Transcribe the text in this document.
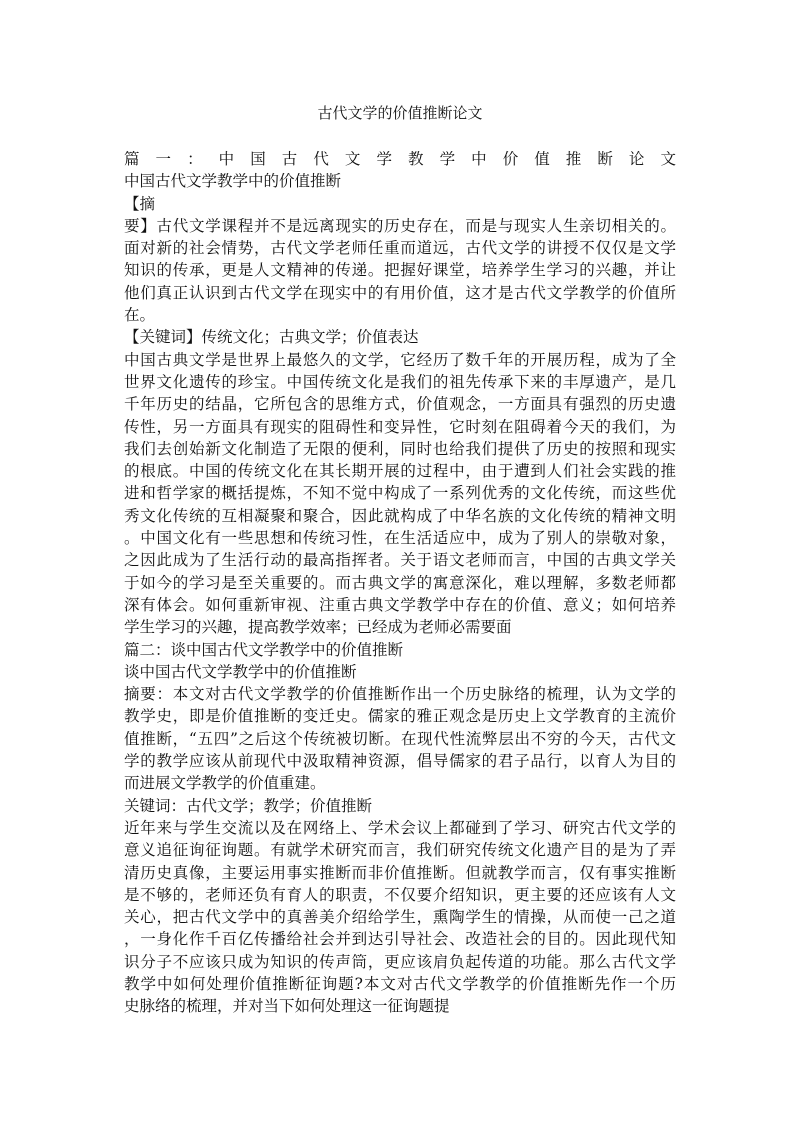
古代文学的价值推断论文
篇一：中国古代文学教学中价值推断论文
中国古代文学教学中的价值推断
【摘
要】古代文学课程并不是远离现实的历史存在，而是与现实人生亲切相关的。
面对新的社会情势，古代文学老师任重而道远，古代文学的讲授不仅仅是文学
知识的传承，更是人文精神的传递。把握好课堂，培养学生学习的兴趣，并让
他们真正认识到古代文学在现实中的有用价值，这才是古代文学教学的价值所
在。
【关键词】传统文化；古典文学；价值表达
中国古典文学是世界上最悠久的文学，它经历了数千年的开展历程，成为了全
世界文化遗传的珍宝。中国传统文化是我们的祖先传承下来的丰厚遗产，是几
千年历史的结晶，它所包含的思维方式，价值观念，一方面具有强烈的历史遗
传性，另一方面具有现实的阻碍性和变异性，它时刻在阻碍着今天的我们，为
我们去创始新文化制造了无限的便利，同时也给我们提供了历史的按照和现实
的根底。中国的传统文化在其长期开展的过程中，由于遭到人们社会实践的推
进和哲学家的概括提炼，不知不觉中构成了一系列优秀的文化传统，而这些优
秀文化传统的互相凝聚和聚合，因此就构成了中华名族的文化传统的精神文明
。中国文化有一些思想和传统习性，在生活适应中，成为了别人的崇敬对象，
之因此成为了生活行动的最高指挥者。关于语文老师而言，中国的古典文学关
于如今的学习是至关重要的。而古典文学的寓意深化，难以理解，多数老师都
深有体会。如何重新审视、注重古典文学教学中存在的价值、意义；如何培养
学生学习的兴趣，提高教学效率；已经成为老师必需要面
篇二：谈中国古代文学教学中的价值推断
谈中国古代文学教学中的价值推断
摘要：本文对古代文学教学的价值推断作出一个历史脉络的梳理，认为文学的
教学史，即是价值推断的变迁史。儒家的雅正观念是历史上文学教育的主流价
值推断，“五四”之后这个传统被切断。在现代性流弊层出不穷的今天，古代文
学的教学应该从前现代中汲取精神资源，倡导儒家的君子品行，以育人为目的
而进展文学教学的价值重建。
关键词：古代文学；教学；价值推断
近年来与学生交流以及在网络上、学术会议上都碰到了学习、研究古代文学的
意义追征询征询题。有就学术研究而言，我们研究传统文化遗产目的是为了弄
清历史真像，主要运用事实推断而非价值推断。但就教学而言，仅有事实推断
是不够的，老师还负有育人的职责，不仅要介绍知识，更主要的还应该有人文
关心，把古代文学中的真善美介绍给学生，熏陶学生的情操，从而使一己之道
，一身化作千百亿传播给社会并到达引导社会、改造社会的目的。因此现代知
识分子不应该只成为知识的传声筒，更应该肩负起传道的功能。那么古代文学
教学中如何处理价值推断征询题?本文对古代文学教学的价值推断先作一个历
史脉络的梳理，并对当下如何处理这一征询题提
